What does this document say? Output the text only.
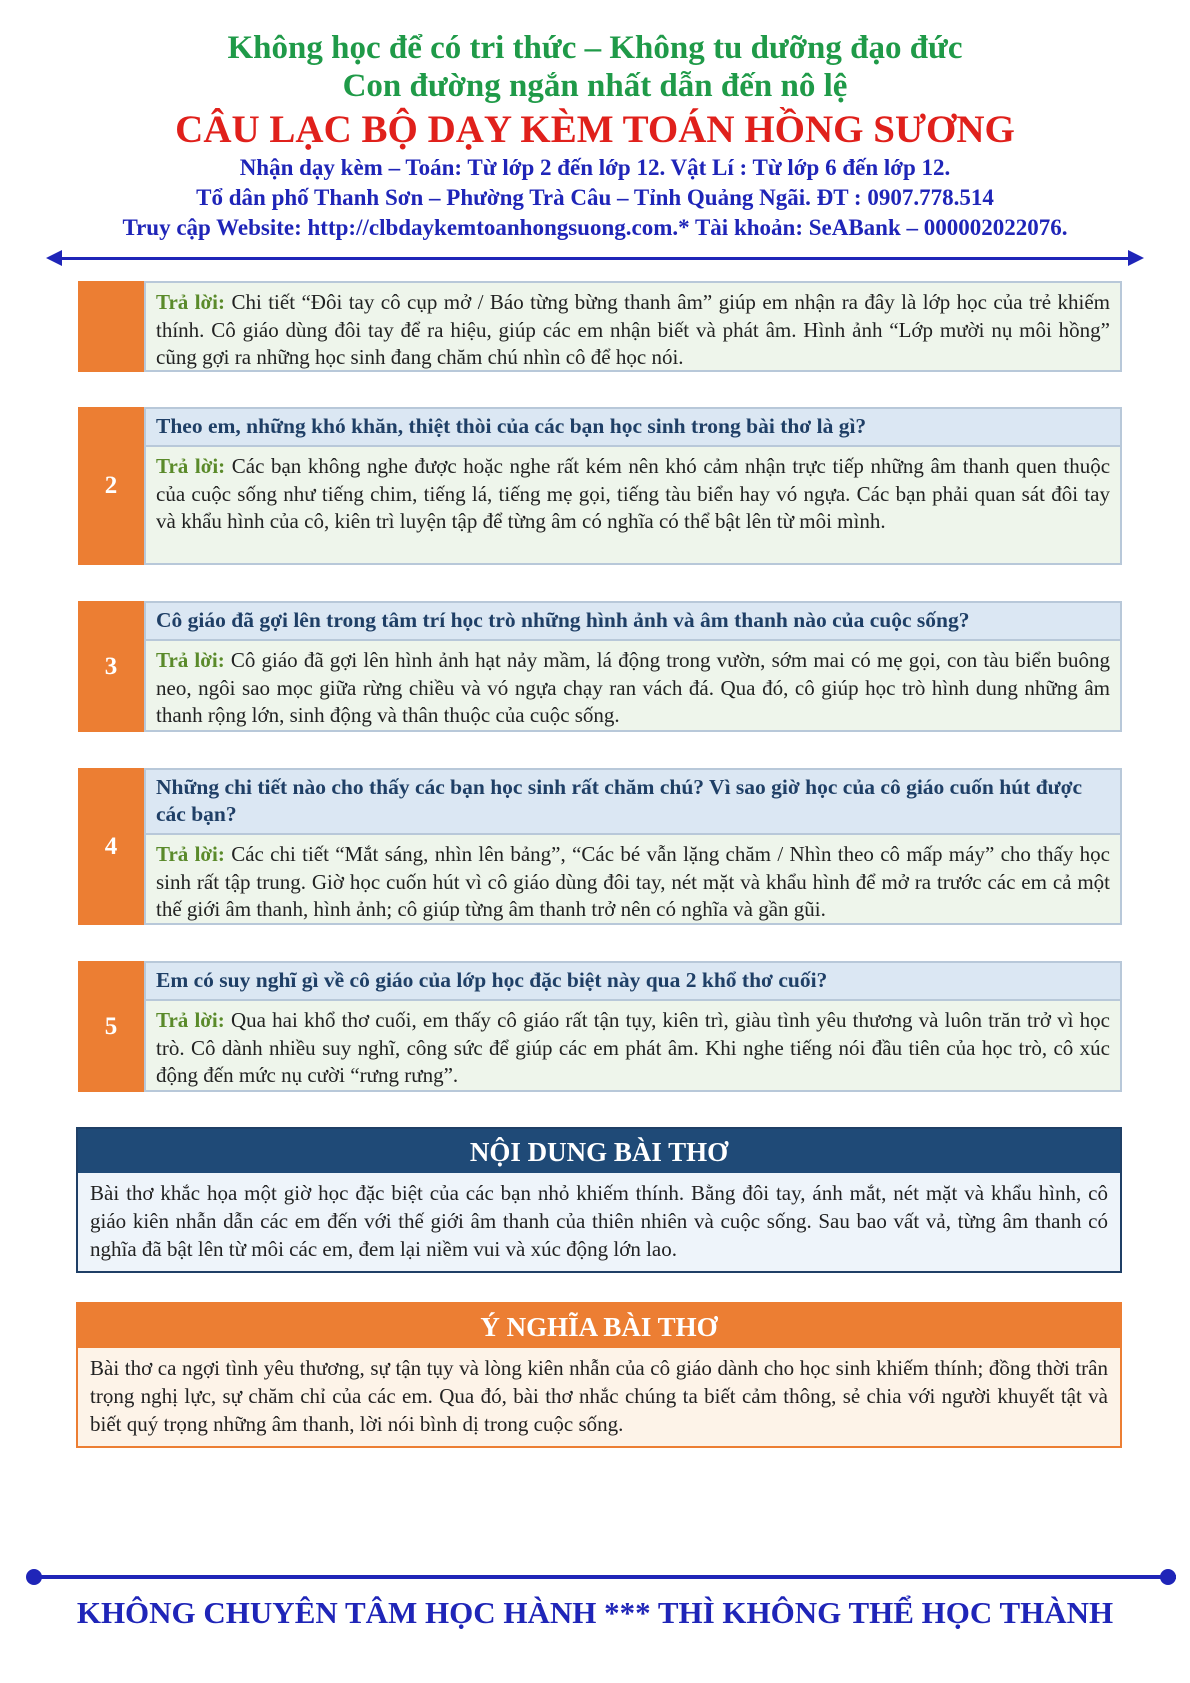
Không học để có tri thức – Không tu dưỡng đạo đức
Con đường ngắn nhất dẫn đến nô lệ
CÂU LẠC BỘ DẠY KÈM TOÁN HỒNG SƯƠNG
Nhận dạy kèm – Toán: Từ lớp 2 đến lớp 12. Vật Lí : Từ lớp 6 đến lớp 12.
Tổ dân phố Thanh Sơn – Phường Trà Câu – Tỉnh Quảng Ngãi. ĐT : 0907.778.514
Truy cập Website: http://clbdaykemtoanhongsuong.com.* Tài khoản: SeABank – 000002022076.
Trả lời: Chi tiết “Đôi tay cô cụp mở / Báo từng bừng thanh âm” giúp em nhận ra đây là lớp học của trẻ khiếm thính. Cô giáo dùng đôi tay để ra hiệu, giúp các em nhận biết và phát âm. Hình ảnh “Lớp mười nụ môi hồng” cũng gợi ra những học sinh đang chăm chú nhìn cô để học nói.
2
Theo em, những khó khăn, thiệt thòi của các bạn học sinh trong bài thơ là gì?
Trả lời: Các bạn không nghe được hoặc nghe rất kém nên khó cảm nhận trực tiếp những âm thanh quen thuộc của cuộc sống như tiếng chim, tiếng lá, tiếng mẹ gọi, tiếng tàu biển hay vó ngựa. Các bạn phải quan sát đôi tay và khẩu hình của cô, kiên trì luyện tập để từng âm có nghĩa có thể bật lên từ môi mình.
3
Cô giáo đã gợi lên trong tâm trí học trò những hình ảnh và âm thanh nào của cuộc sống?
Trả lời: Cô giáo đã gợi lên hình ảnh hạt nảy mầm, lá động trong vườn, sớm mai có mẹ gọi, con tàu biển buông neo, ngôi sao mọc giữa rừng chiều và vó ngựa chạy ran vách đá. Qua đó, cô giúp học trò hình dung những âm thanh rộng lớn, sinh động và thân thuộc của cuộc sống.
4
Những chi tiết nào cho thấy các bạn học sinh rất chăm chú? Vì sao giờ học của cô giáo cuốn hút được các bạn?
Trả lời: Các chi tiết “Mắt sáng, nhìn lên bảng”, “Các bé vẫn lặng chăm / Nhìn theo cô mấp máy” cho thấy học sinh rất tập trung. Giờ học cuốn hút vì cô giáo dùng đôi tay, nét mặt và khẩu hình để mở ra trước các em cả một thế giới âm thanh, hình ảnh; cô giúp từng âm thanh trở nên có nghĩa và gần gũi.
5
Em có suy nghĩ gì về cô giáo của lớp học đặc biệt này qua 2 khổ thơ cuối?
Trả lời: Qua hai khổ thơ cuối, em thấy cô giáo rất tận tụy, kiên trì, giàu tình yêu thương và luôn trăn trở vì học trò. Cô dành nhiều suy nghĩ, công sức để giúp các em phát âm. Khi nghe tiếng nói đầu tiên của học trò, cô xúc động đến mức nụ cười “rưng rưng”.
NỘI DUNG BÀI THƠ
Bài thơ khắc họa một giờ học đặc biệt của các bạn nhỏ khiếm thính. Bằng đôi tay, ánh mắt, nét mặt và khẩu hình, cô giáo kiên nhẫn dẫn các em đến với thế giới âm thanh của thiên nhiên và cuộc sống. Sau bao vất vả, từng âm thanh có nghĩa đã bật lên từ môi các em, đem lại niềm vui và xúc động lớn lao.
Ý NGHĨA BÀI THƠ
Bài thơ ca ngợi tình yêu thương, sự tận tụy và lòng kiên nhẫn của cô giáo dành cho học sinh khiếm thính; đồng thời trân trọng nghị lực, sự chăm chỉ của các em. Qua đó, bài thơ nhắc chúng ta biết cảm thông, sẻ chia với người khuyết tật và biết quý trọng những âm thanh, lời nói bình dị trong cuộc sống.
KHÔNG CHUYÊN TÂM HỌC HÀNH *** THÌ KHÔNG THỂ HỌC THÀNH
